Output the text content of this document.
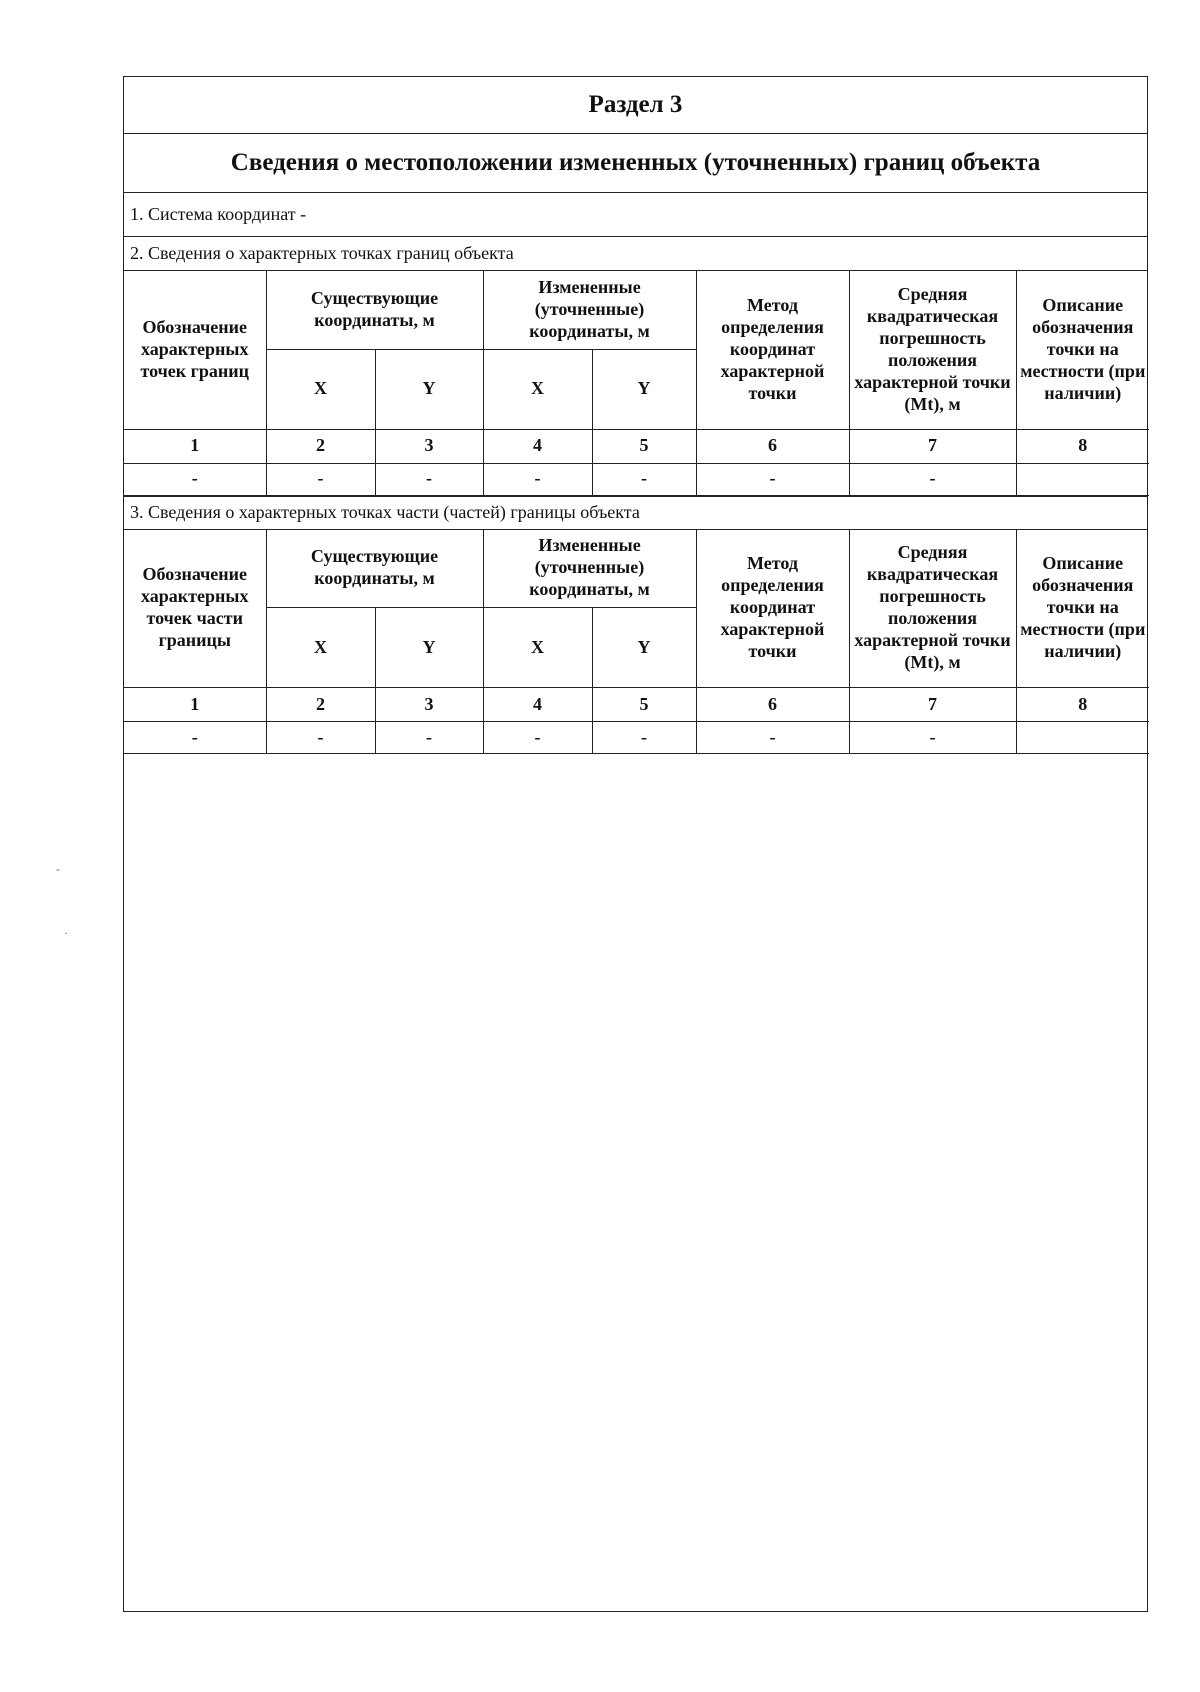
-
·
Раздел 3
Сведения о местоположении измененных (уточненных) границ объекта
1. Система координат -
2. Сведения о характерных точках границ объекта
Обозначение характерных точек границ	Существующие координаты, м		Измененные (уточненные) координаты, м		Метод определения координат характерной точки	Средняя квадратическая погрешность положения характерной точки (Mt), м	Описание обозначения точки на местности (при наличии)
	X	Y	X	Y			
1	2	3	4	5	6	7	8
-	-	-	-	-	-	-	
3. Сведения о характерных точках части (частей) границы объекта
Обозначение характерных точек части границы	Существующие координаты, м		Измененные (уточненные) координаты, м		Метод определения координат характерной точки	Средняя квадратическая погрешность положения характерной точки (Mt), м	Описание обозначения точки на местности (при наличии)
	X	Y	X	Y			
1	2	3	4	5	6	7	8
-	-	-	-	-	-	-	
